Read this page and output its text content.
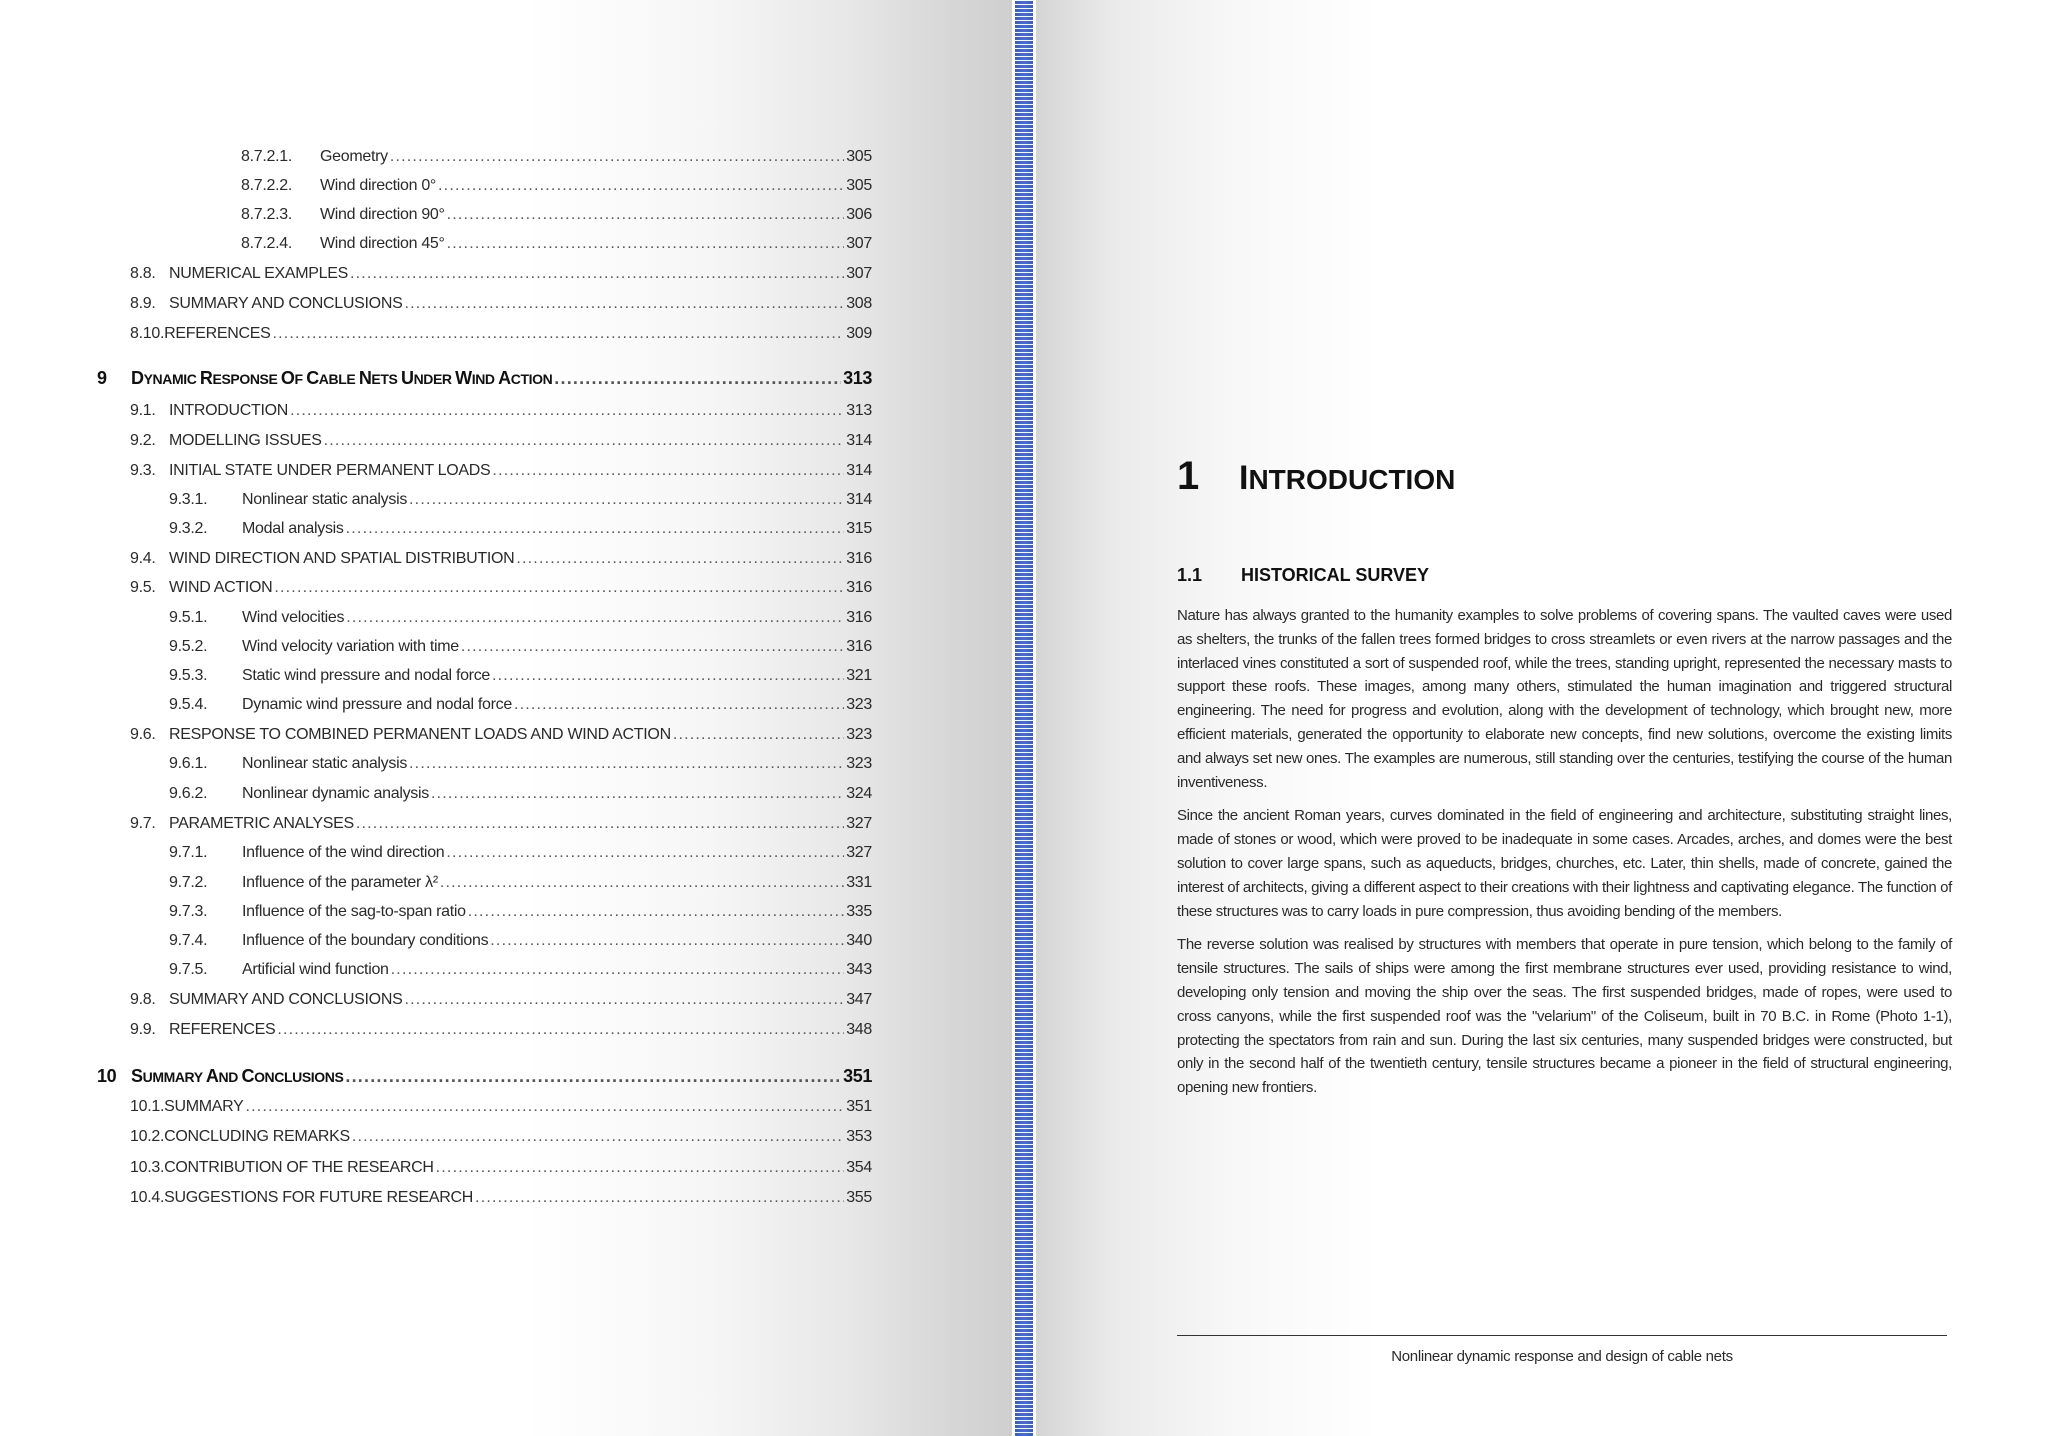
8.7.2.1.	Geometry .....	305
8.7.2.2.	Wind direction 0° .....	305
8.7.2.3.	Wind direction 90° .....	306
8.7.2.4.	Wind direction 45° .....	307
8.8. NUMERICAL EXAMPLES .....	307
8.9. SUMMARY AND CONCLUSIONS .....	308
8.10. REFERENCES .....	309
9	DYNAMIC RESPONSE OF CABLE NETS UNDER WIND ACTION .....	313
9.1. INTRODUCTION .....	313
9.2. MODELLING ISSUES .....	314
9.3. INITIAL STATE UNDER PERMANENT LOADS .....	314
9.3.1.	Nonlinear static analysis .....	314
9.3.2.	Modal analysis .....	315
9.4. WIND DIRECTION AND SPATIAL DISTRIBUTION .....	316
9.5. WIND ACTION .....	316
9.5.1.	Wind velocities .....	316
9.5.2.	Wind velocity variation with time .....	316
9.5.3.	Static wind pressure and nodal force .....	321
9.5.4.	Dynamic wind pressure and nodal force .....	323
9.6. RESPONSE TO COMBINED PERMANENT LOADS AND WIND ACTION .....	323
9.6.1.	Nonlinear static analysis .....	323
9.6.2.	Nonlinear dynamic analysis .....	324
9.7. PARAMETRIC ANALYSES .....	327
9.7.1.	Influence of the wind direction .....	327
9.7.2.	Influence of the parameter λ² .....	331
9.7.3.	Influence of the sag-to-span ratio .....	335
9.7.4.	Influence of the boundary conditions .....	340
9.7.5.	Artificial wind function .....	343
9.8. SUMMARY AND CONCLUSIONS .....	347
9.9. REFERENCES .....	348
10 SUMMARY AND CONCLUSIONS .....	351
10.1. SUMMARY .....	351
10.2. CONCLUDING REMARKS .....	353
10.3. CONTRIBUTION OF THE RESEARCH .....	354
10.4. SUGGESTIONS FOR FUTURE RESEARCH .....	355
1 INTRODUCTION
1.1 HISTORICAL SURVEY

Nature has always granted to the humanity examples to solve problems of covering spans. The vaulted caves were used as shelters, the trunks of the fallen trees formed bridges to cross streamlets or even rivers at the narrow passages and the interlaced vines constituted a sort of suspended roof, while the trees, standing upright, represented the necessary masts to support these roofs. These images, among many others, stimulated the human imagination and triggered structural engineering. The need for progress and evolution, along with the development of technology, which brought new, more efficient materials, generated the opportunity to elaborate new concepts, find new solutions, overcome the existing limits and always set new ones. The examples are numerous, still standing over the centuries, testifying the course of the human inventiveness.

Since the ancient Roman years, curves dominated in the field of engineering and architecture, substituting straight lines, made of stones or wood, which were proved to be inadequate in some cases. Arcades, arches, and domes were the best solution to cover large spans, such as aqueducts, bridges, churches, etc. Later, thin shells, made of concrete, gained the interest of architects, giving a different aspect to their creations with their lightness and captivating elegance. The function of these structures was to carry loads in pure compression, thus avoiding bending of the members.

The reverse solution was realised by structures with members that operate in pure tension, which belong to the family of tensile structures. The sails of ships were among the first membrane structures ever used, providing resistance to wind, developing only tension and moving the ship over the seas. The first suspended bridges, made of ropes, were used to cross canyons, while the first suspended roof was the "velarium" of the Coliseum, built in 70 B.C. in Rome (Photo 1-1), protecting the spectators from rain and sun. During the last six centuries, many suspended bridges were constructed, but only in the second half of the twentieth century, tensile structures became a pioneer in the field of structural engineering, opening new frontiers.

Nonlinear dynamic response and design of cable nets
